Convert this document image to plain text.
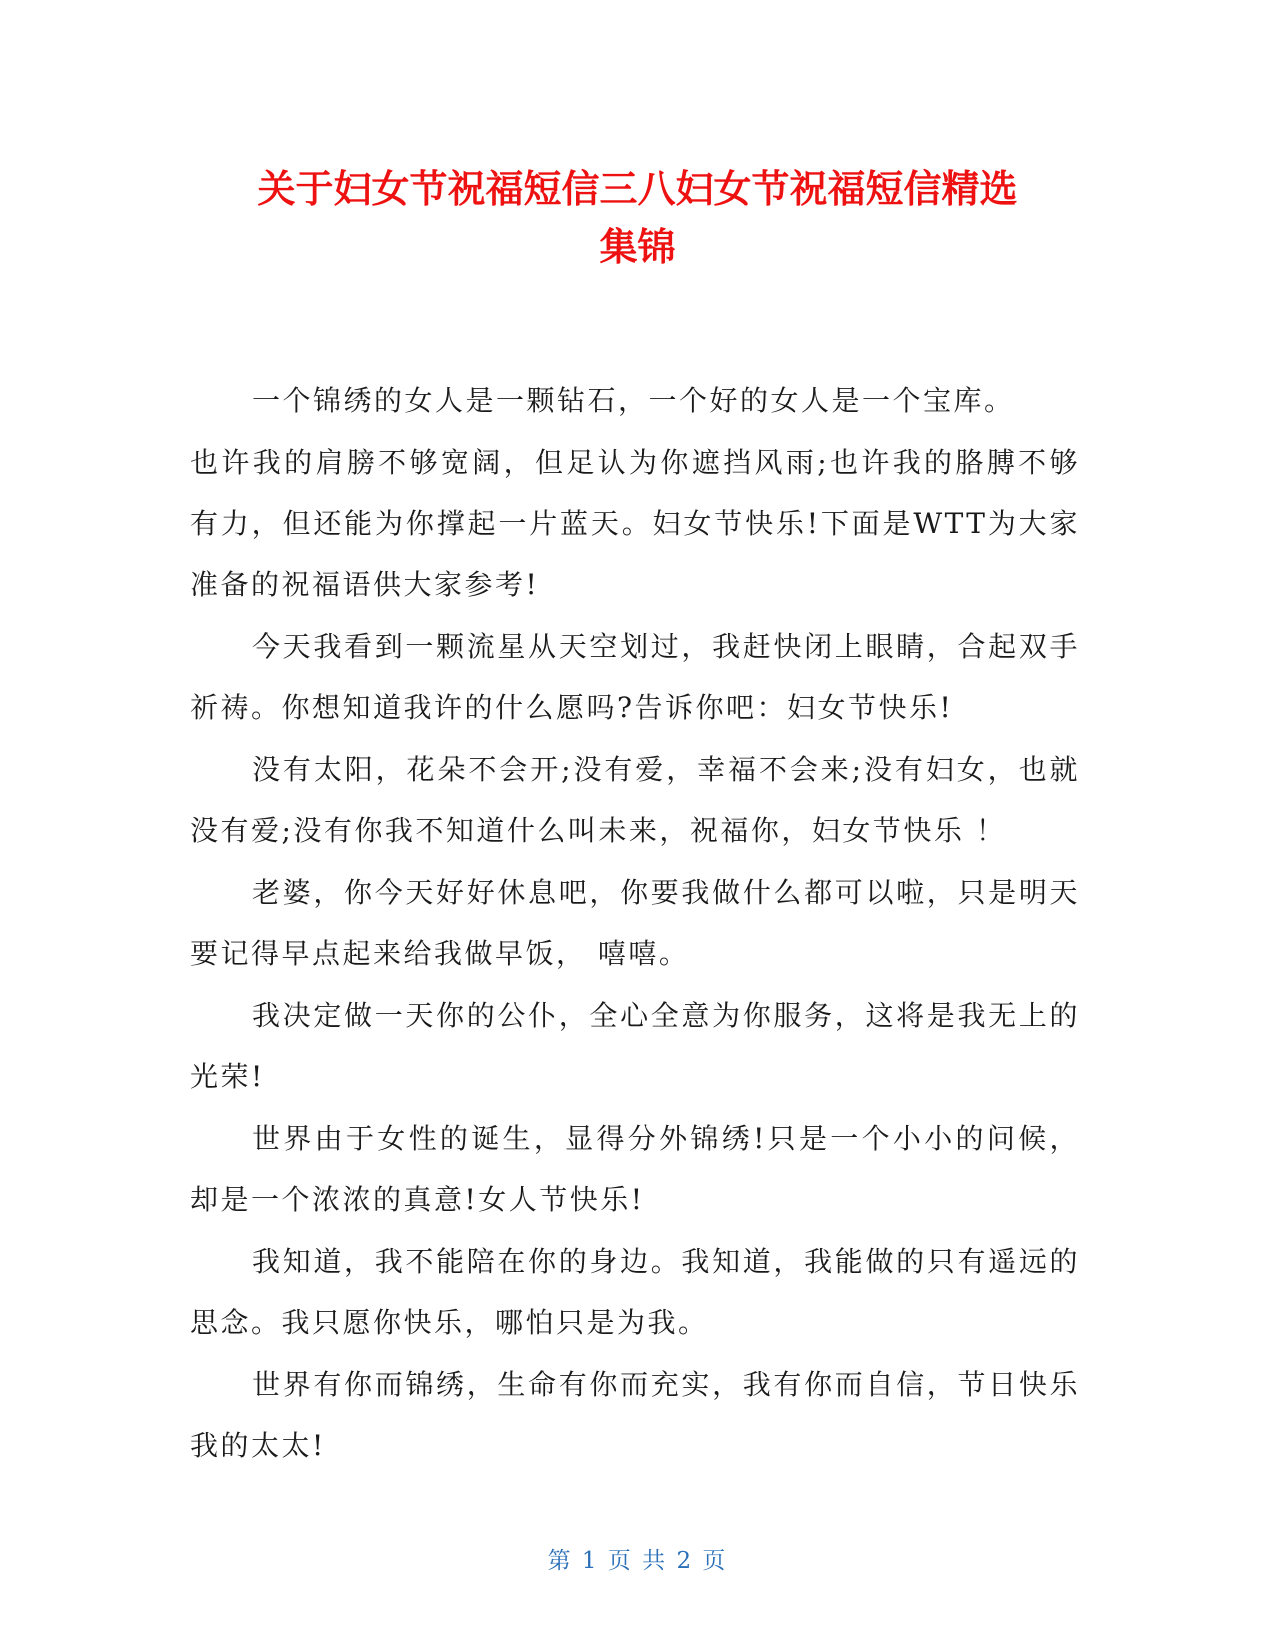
关于妇女节祝福短信三八妇女节祝福短信精选
集锦

一个锦绣的女人是一颗钻石，一个好的女人是一个宝库。

也许我的肩膀不够宽阔，但足认为你遮挡风雨;也许我的胳膊不够有力，但还能为你撑起一片蓝天。妇女节快乐!下面是WTT为大家准备的祝福语供大家参考!

今天我看到一颗流星从天空划过，我赶快闭上眼睛，合起双手祈祷。你想知道我许的什么愿吗?告诉你吧：妇女节快乐!

没有太阳，花朵不会开;没有爱，幸福不会来;没有妇女，也就没有爱;没有你我不知道什么叫未来，祝福你，妇女节快乐 ！

老婆，你今天好好休息吧，你要我做什么都可以啦，只是明天要记得早点起来给我做早饭， 嘻嘻。

我决定做一天你的公仆，全心全意为你服务，这将是我无上的光荣!

世界由于女性的诞生，显得分外锦绣!只是一个小小的问候，却是一个浓浓的真意!女人节快乐!

我知道，我不能陪在你的身边。我知道，我能做的只有遥远的思念。我只愿你快乐，哪怕只是为我。

世界有你而锦绣，生命有你而充实，我有你而自信，节日快乐我的太太!

第 1 页 共 2 页
